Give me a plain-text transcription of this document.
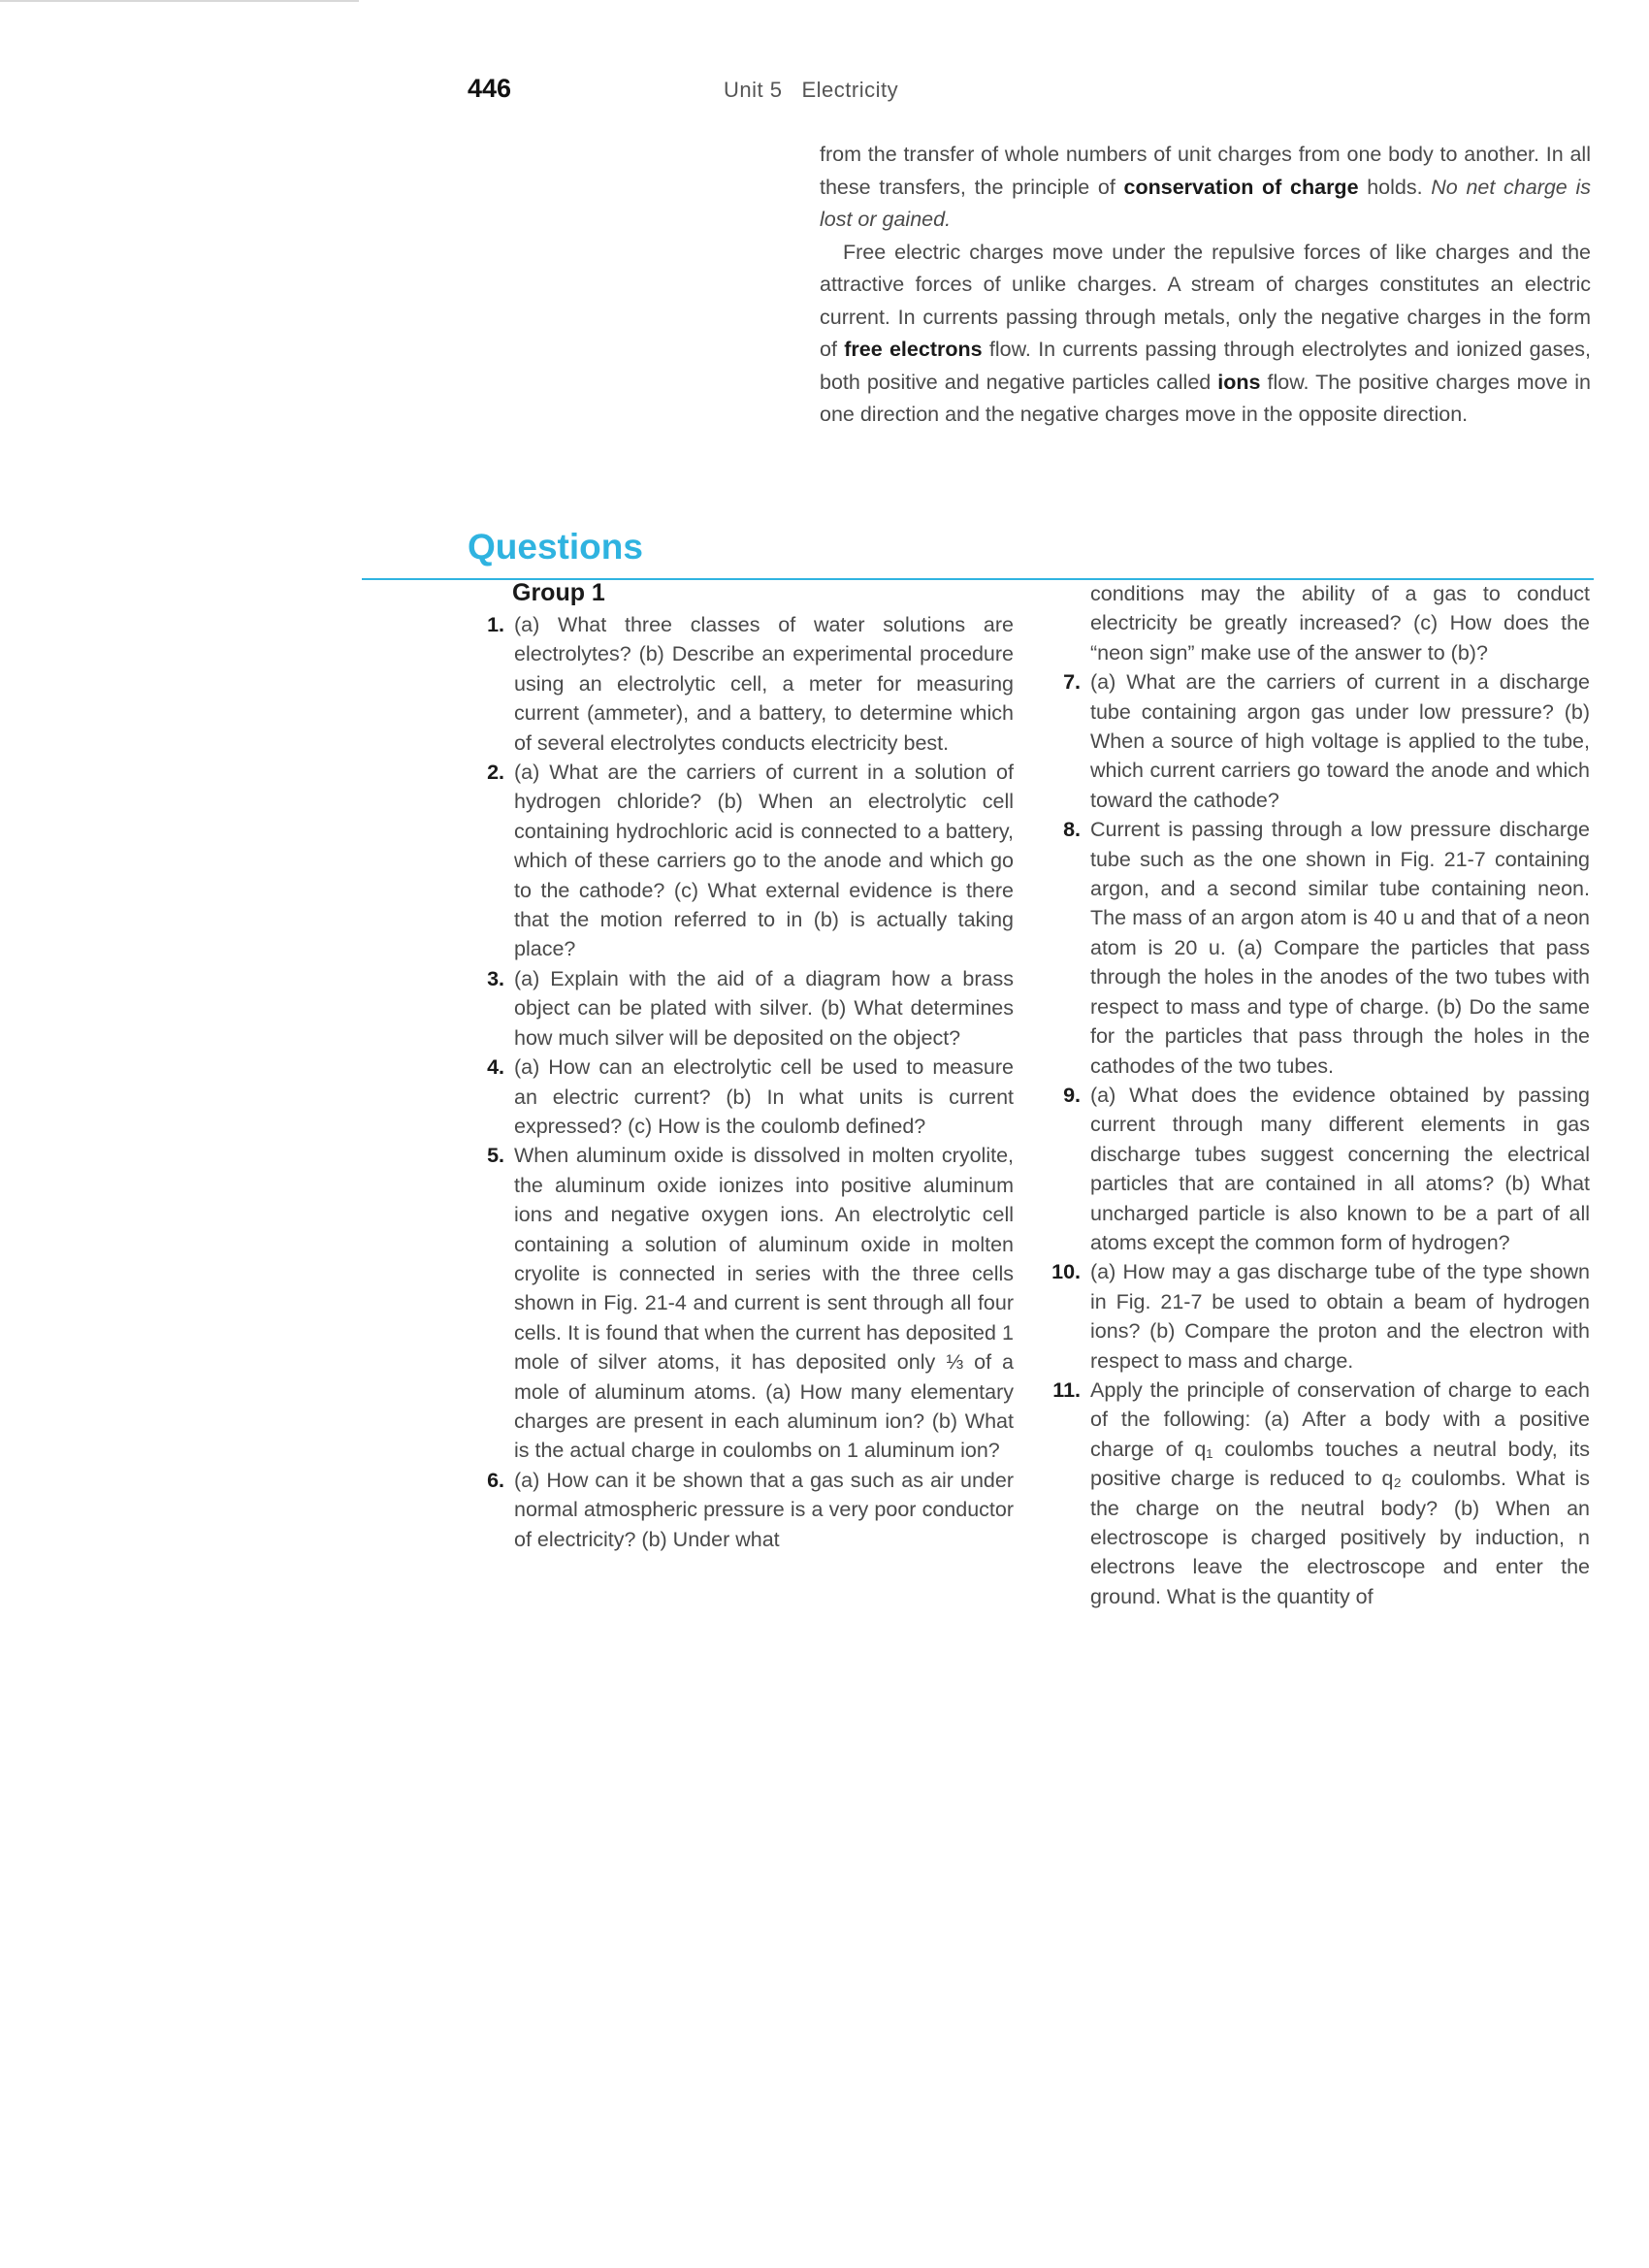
446	Unit 5 Electricity

from the transfer of whole numbers of unit charges from one body to another. In all these transfers, the principle of conservation of charge holds. No net charge is lost or gained.

Free electric charges move under the repulsive forces of like charges and the attractive forces of unlike charges. A stream of charges constitutes an electric current. In currents passing through metals, only the negative charges in the form of free electrons flow. In currents passing through electrolytes and ionized gases, both positive and negative particles called ions flow. The positive charges move in one direction and the negative charges move in the opposite direction.

Questions
Group 1
1. (a) What three classes of water solutions are electrolytes? (b) Describe an experimental procedure using an electrolytic cell, a meter for measuring current (ammeter), and a battery, to determine which of several electrolytes conducts electricity best.
2. (a) What are the carriers of current in a solution of hydrogen chloride? (b) When an electrolytic cell containing hydrochloric acid is connected to a battery, which of these carriers go to the anode and which go to the cathode? (c) What external evidence is there that the motion referred to in (b) is actually taking place?
3. (a) Explain with the aid of a diagram how a brass object can be plated with silver. (b) What determines how much silver will be deposited on the object?
4. (a) How can an electrolytic cell be used to measure an electric current? (b) In what units is current expressed? (c) How is the coulomb defined?
5. When aluminum oxide is dissolved in molten cryolite, the aluminum oxide ionizes into positive aluminum ions and negative oxygen ions. An electrolytic cell containing a solution of aluminum oxide in molten cryolite is connected in series with the three cells shown in Fig. 21-4 and current is sent through all four cells. It is found that when the current has deposited 1 mole of silver atoms, it has deposited only ⅓ of a mole of aluminum atoms. (a) How many elementary charges are present in each aluminum ion? (b) What is the actual charge in coulombs on 1 aluminum ion?
6. (a) How can it be shown that a gas such as air under normal atmospheric pressure is a very poor conductor of electricity? (b) Under what
conditions may the ability of a gas to conduct electricity be greatly increased? (c) How does the “neon sign” make use of the answer to (b)?
7. (a) What are the carriers of current in a discharge tube containing argon gas under low pressure? (b) When a source of high voltage is applied to the tube, which current carriers go toward the anode and which toward the cathode?
8. Current is passing through a low pressure discharge tube such as the one shown in Fig. 21-7 containing argon, and a second similar tube containing neon. The mass of an argon atom is 40 u and that of a neon atom is 20 u. (a) Compare the particles that pass through the holes in the anodes of the two tubes with respect to mass and type of charge. (b) Do the same for the particles that pass through the holes in the cathodes of the two tubes.
9. (a) What does the evidence obtained by passing current through many different elements in gas discharge tubes suggest concerning the electrical particles that are contained in all atoms? (b) What uncharged particle is also known to be a part of all atoms except the common form of hydrogen?
10. (a) How may a gas discharge tube of the type shown in Fig. 21-7 be used to obtain a beam of hydrogen ions? (b) Compare the proton and the electron with respect to mass and charge.
11. Apply the principle of conservation of charge to each of the following: (a) After a body with a positive charge of q₁ coulombs touches a neutral body, its positive charge is reduced to q₂ coulombs. What is the charge on the neutral body? (b) When an electroscope is charged positively by induction, n electrons leave the electroscope and enter the ground. What is the quantity of
